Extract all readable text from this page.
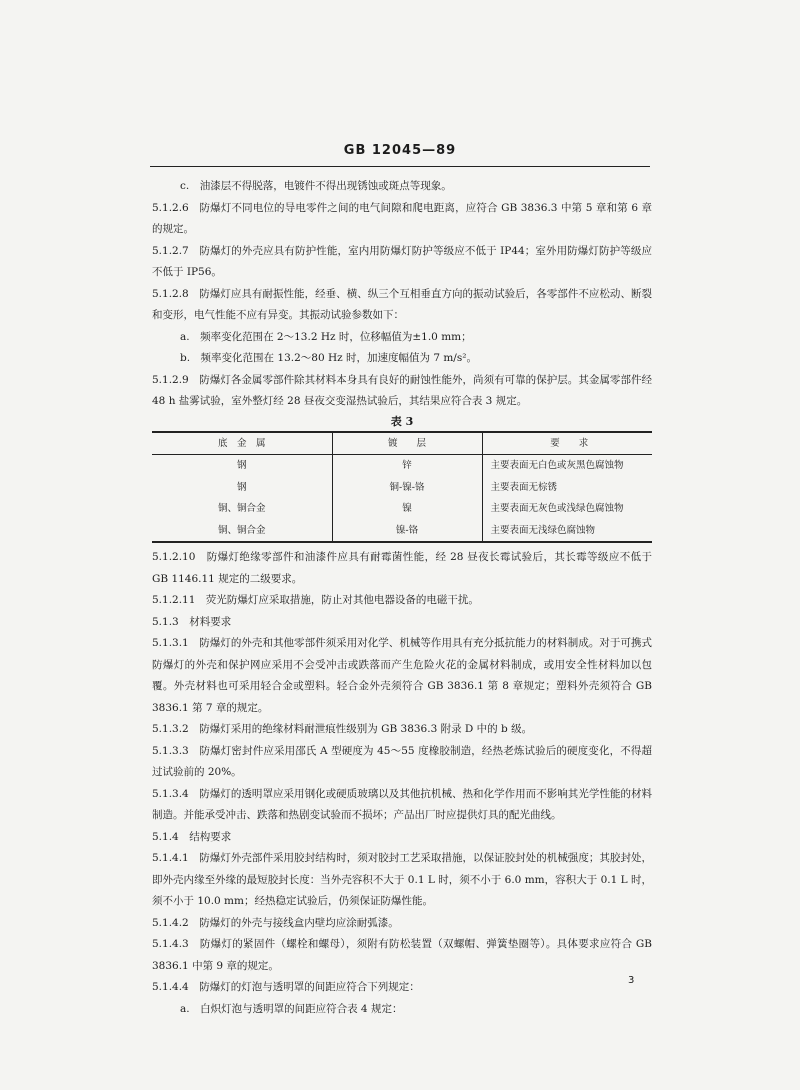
GB 12045—89

c.　油漆层不得脱落，电镀件不得出现锈蚀或斑点等现象。

5.1.2.6　防爆灯不同电位的导电零件之间的电气间隙和爬电距离，应符合 GB 3836.3 中第 5 章和第 6 章的规定。

5.1.2.7　防爆灯的外壳应具有防护性能，室内用防爆灯防护等级应不低于 IP44；室外用防爆灯防护等级应不低于 IP56。

5.1.2.8　防爆灯应具有耐振性能，经垂、横、纵三个互相垂直方向的振动试验后，各零部件不应松动、断裂和变形，电气性能不应有异变。其振动试验参数如下：

a.　频率变化范围在 2～13.2 Hz 时，位移幅值为±1.0 mm；

b.　频率变化范围在 13.2～80 Hz 时，加速度幅值为 7 m/s²。

5.1.2.9　防爆灯各金属零部件除其材料本身具有良好的耐蚀性能外，尚须有可靠的保护层。其金属零部件经 48 h 盐雾试验，室外整灯经 28 昼夜交变湿热试验后，其结果应符合表 3 规定。

表 3
底　金　属	镀　　层	要　　求
钢	锌	主要表面无白色或灰黑色腐蚀物
钢	铜-镍-铬	主要表面无棕锈
铜、铜合金	镍	主要表面无灰色或浅绿色腐蚀物
铜、铜合金	镍-铬	主要表面无浅绿色腐蚀物

5.1.2.10　防爆灯绝缘零部件和油漆件应具有耐霉菌性能，经 28 昼夜长霉试验后，其长霉等级应不低于 GB 1146.11 规定的二级要求。

5.1.2.11　荧光防爆灯应采取措施，防止对其他电器设备的电磁干扰。

5.1.3　材料要求

5.1.3.1　防爆灯的外壳和其他零部件须采用对化学、机械等作用具有充分抵抗能力的材料制成。对于可携式防爆灯的外壳和保护网应采用不会受冲击或跌落而产生危险火花的金属材料制成，或用安全性材料加以包覆。外壳材料也可采用轻合金或塑料。轻合金外壳须符合 GB 3836.1 第 8 章规定；塑料外壳须符合 GB 3836.1 第 7 章的规定。

5.1.3.2　防爆灯采用的绝缘材料耐泄痕性级别为 GB 3836.3 附录 D 中的 b 级。

5.1.3.3　防爆灯密封件应采用邵氏 A 型硬度为 45～55 度橡胶制造，经热老炼试验后的硬度变化，不得超过试验前的 20%。

5.1.3.4　防爆灯的透明罩应采用钢化或硬质玻璃以及其他抗机械、热和化学作用而不影响其光学性能的材料制造。并能承受冲击、跌落和热剧变试验而不损坏；产品出厂时应提供灯具的配光曲线。

5.1.4　结构要求

5.1.4.1　防爆灯外壳部件采用胶封结构时，须对胶封工艺采取措施，以保证胶封处的机械强度；其胶封处，即外壳内缘至外缘的最短胶封长度：当外壳容积不大于 0.1 L 时，须不小于 6.0 mm，容积大于 0.1 L 时，须不小于 10.0 mm；经热稳定试验后，仍须保证防爆性能。

5.1.4.2　防爆灯的外壳与接线盒内壁均应涂耐弧漆。

5.1.4.3　防爆灯的紧固件（螺栓和螺母），须附有防松装置（双螺帽、弹簧垫圈等）。具体要求应符合 GB 3836.1 中第 9 章的规定。

5.1.4.4　防爆灯的灯泡与透明罩的间距应符合下列规定：

a.　白炽灯泡与透明罩的间距应符合表 4 规定：

3
